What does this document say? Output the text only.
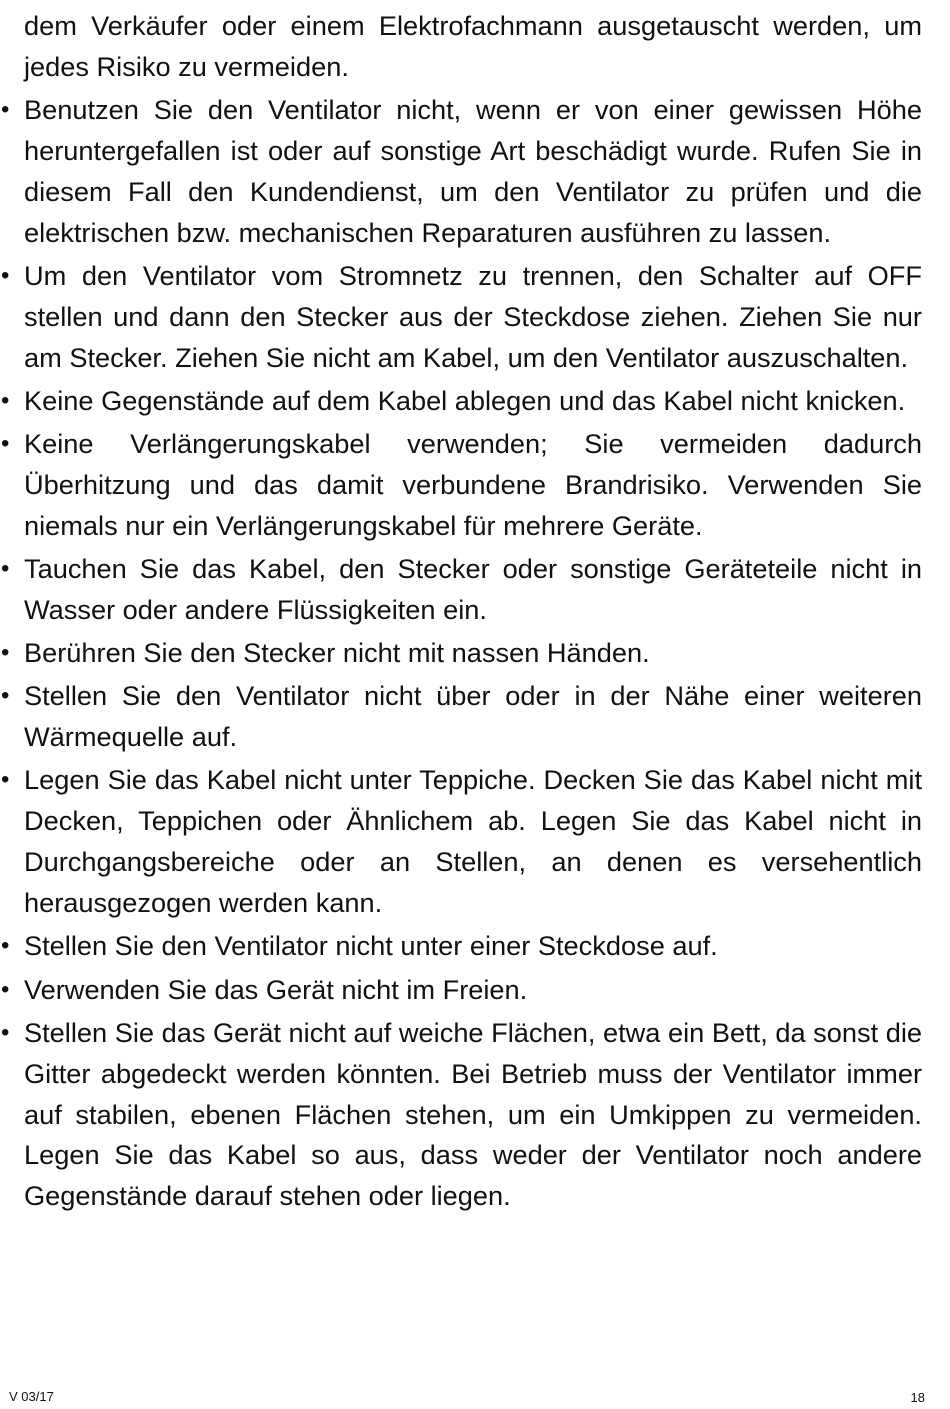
dem Verkäufer oder einem Elektrofachmann ausgetauscht werden, um jedes Risiko zu vermeiden.

• Benutzen Sie den Ventilator nicht, wenn er von einer gewissen Höhe heruntergefallen ist oder auf sonstige Art beschädigt wurde. Rufen Sie in diesem Fall den Kundendienst, um den Ventilator zu prüfen und die elektrischen bzw. mechanischen Reparaturen ausführen zu lassen.
• Um den Ventilator vom Stromnetz zu trennen, den Schalter auf OFF stellen und dann den Stecker aus der Steckdose ziehen. Ziehen Sie nur am Stecker. Ziehen Sie nicht am Kabel, um den Ventilator auszuschalten.
• Keine Gegenstände auf dem Kabel ablegen und das Kabel nicht knicken.
• Keine Verlängerungskabel verwenden; Sie vermeiden dadurch Überhitzung und das damit verbundene Brandrisiko. Verwenden Sie niemals nur ein Verlängerungskabel für mehrere Geräte.
• Tauchen Sie das Kabel, den Stecker oder sonstige Geräteteile nicht in Wasser oder andere Flüssigkeiten ein.
• Berühren Sie den Stecker nicht mit nassen Händen.
• Stellen Sie den Ventilator nicht über oder in der Nähe einer weiteren Wärmequelle auf.
• Legen Sie das Kabel nicht unter Teppiche. Decken Sie das Kabel nicht mit Decken, Teppichen oder Ähnlichem ab. Legen Sie das Kabel nicht in Durchgangsbereiche oder an Stellen, an denen es versehentlich herausgezogen werden kann.
• Stellen Sie den Ventilator nicht unter einer Steckdose auf.
• Verwenden Sie das Gerät nicht im Freien.
• Stellen Sie das Gerät nicht auf weiche Flächen, etwa ein Bett, da sonst die Gitter abgedeckt werden könnten. Bei Betrieb muss der Ventilator immer auf stabilen, ebenen Flächen stehen, um ein Umkippen zu vermeiden. Legen Sie das Kabel so aus, dass weder der Ventilator noch andere Gegenstände darauf stehen oder liegen.
V 03/17	18
